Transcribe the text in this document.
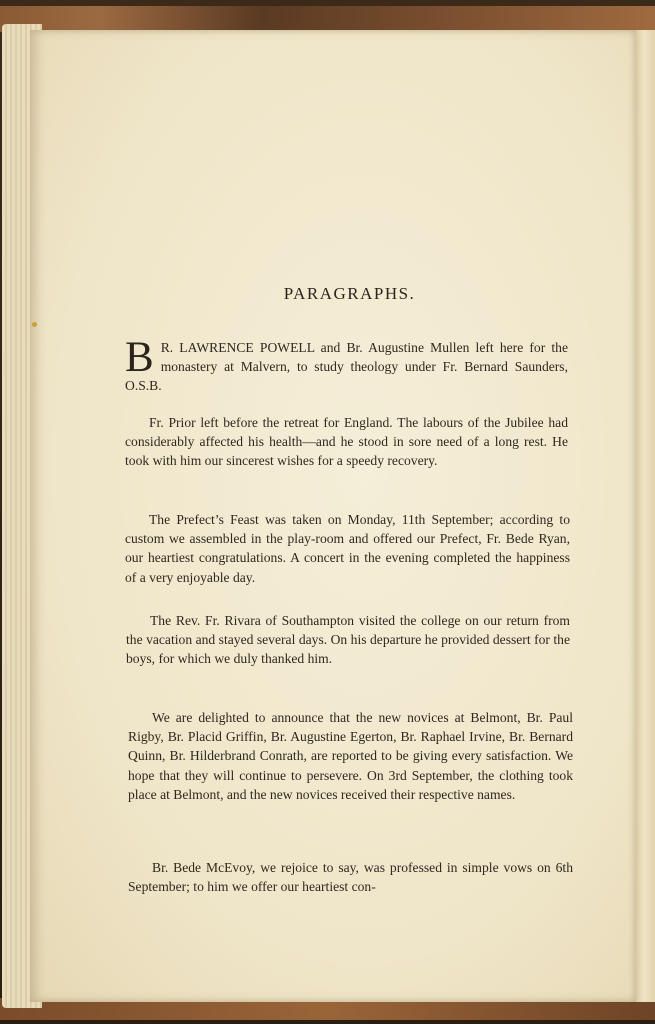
PARAGRAPHS.

B R. LAWRENCE POWELL and Br. Augustine Mullen left here for the monastery at Malvern, to study theology under Fr. Bernard Saunders, O.S.B.

Fr. Prior left before the retreat for England. The labours of the Jubilee had considerably affected his health—and he stood in sore need of a long rest. He took with him our sincerest wishes for a speedy recovery.

The Prefect’s Feast was taken on Monday, 11th September; according to custom we assembled in the play-room and offered our Prefect, Fr. Bede Ryan, our heartiest congratulations. A concert in the evening completed the happiness of a very enjoyable day.

The Rev. Fr. Rivara of Southampton visited the college on our return from the vacation and stayed several days. On his departure he provided dessert for the boys, for which we duly thanked him.

We are delighted to announce that the new novices at Belmont, Br. Paul Rigby, Br. Placid Griffin, Br. Augustine Egerton, Br. Raphael Irvine, Br. Bernard Quinn, Br. Hilderbrand Conrath, are reported to be giving every satisfaction. We hope that they will continue to persevere. On 3rd September, the clothing took place at Belmont, and the new novices received their respective names.

Br. Bede McEvoy, we rejoice to say, was professed in simple vows on 6th September; to him we offer our heartiest con-
